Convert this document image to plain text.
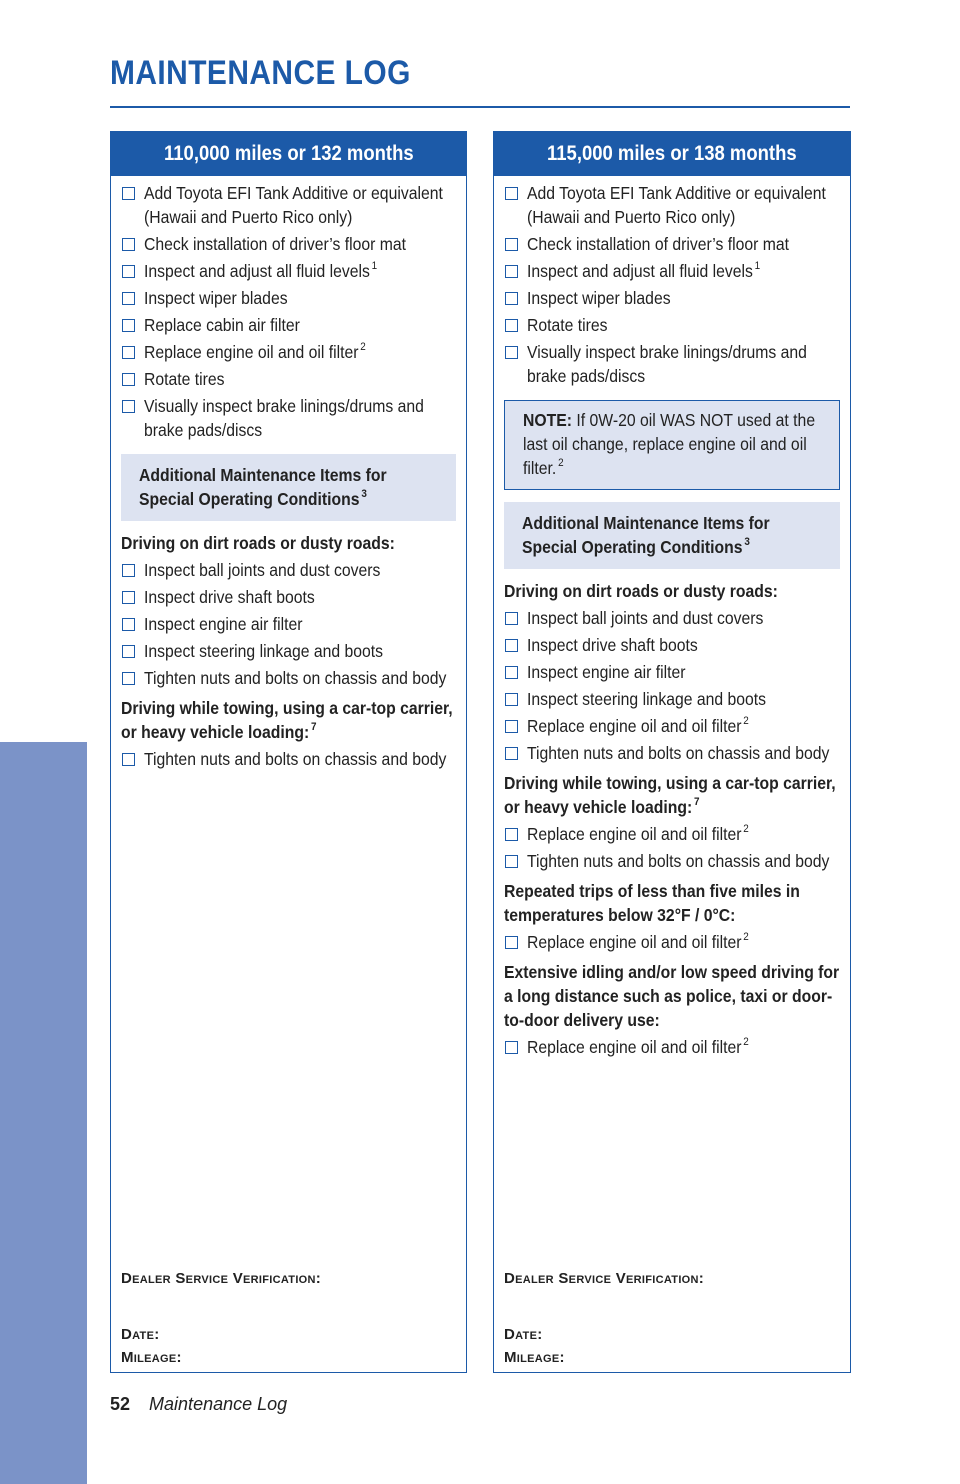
MAINTENANCE
MAINTENANCE LOG
110,000 miles or 132 months
Add Toyota EFI Tank Additive or equivalent (Hawaii and Puerto Rico only)
Check installation of driver’s floor mat
Inspect and adjust all fluid levels $^1$
Inspect wiper blades
Replace cabin air filter
Replace engine oil and oil filter $^2$
Rotate tires
Visually inspect brake linings/drums and brake pads/discs
Additional Maintenance Items for Special Operating Conditions $^3$
Driving on dirt roads or dusty roads:
Inspect ball joints and dust covers
Inspect drive shaft boots
Inspect engine air filter
Inspect steering linkage and boots
Tighten nuts and bolts on chassis and body
Driving while towing, using a car-top carrier, or heavy vehicle loading: $^7$
Tighten nuts and bolts on chassis and body
Dealer Service Verification:
Date:
Mileage:
115,000 miles or 138 months
Add Toyota EFI Tank Additive or equivalent (Hawaii and Puerto Rico only)
Check installation of driver’s floor mat
Inspect and adjust all fluid levels $^1$
Inspect wiper blades
Rotate tires
Visually inspect brake linings/drums and brake pads/discs
NOTE: If 0W-20 oil WAS NOT used at the last oil change, replace engine oil and oil filter. $^2$
Additional Maintenance Items for Special Operating Conditions $^3$
Driving on dirt roads or dusty roads:
Inspect ball joints and dust covers
Inspect drive shaft boots
Inspect engine air filter
Inspect steering linkage and boots
Replace engine oil and oil filter $^2$
Tighten nuts and bolts on chassis and body
Driving while towing, using a car-top carrier, or heavy vehicle loading: $^7$
Replace engine oil and oil filter $^2$
Tighten nuts and bolts on chassis and body
Repeated trips of less than five miles in temperatures below 32°F / 0°C:
Replace engine oil and oil filter $^2$
Extensive idling and/or low speed driving for a long distance such as police, taxi or door-to-door delivery use:
Replace engine oil and oil filter $^2$
Dealer Service Verification:
Date:
Mileage:
52 Maintenance Log
